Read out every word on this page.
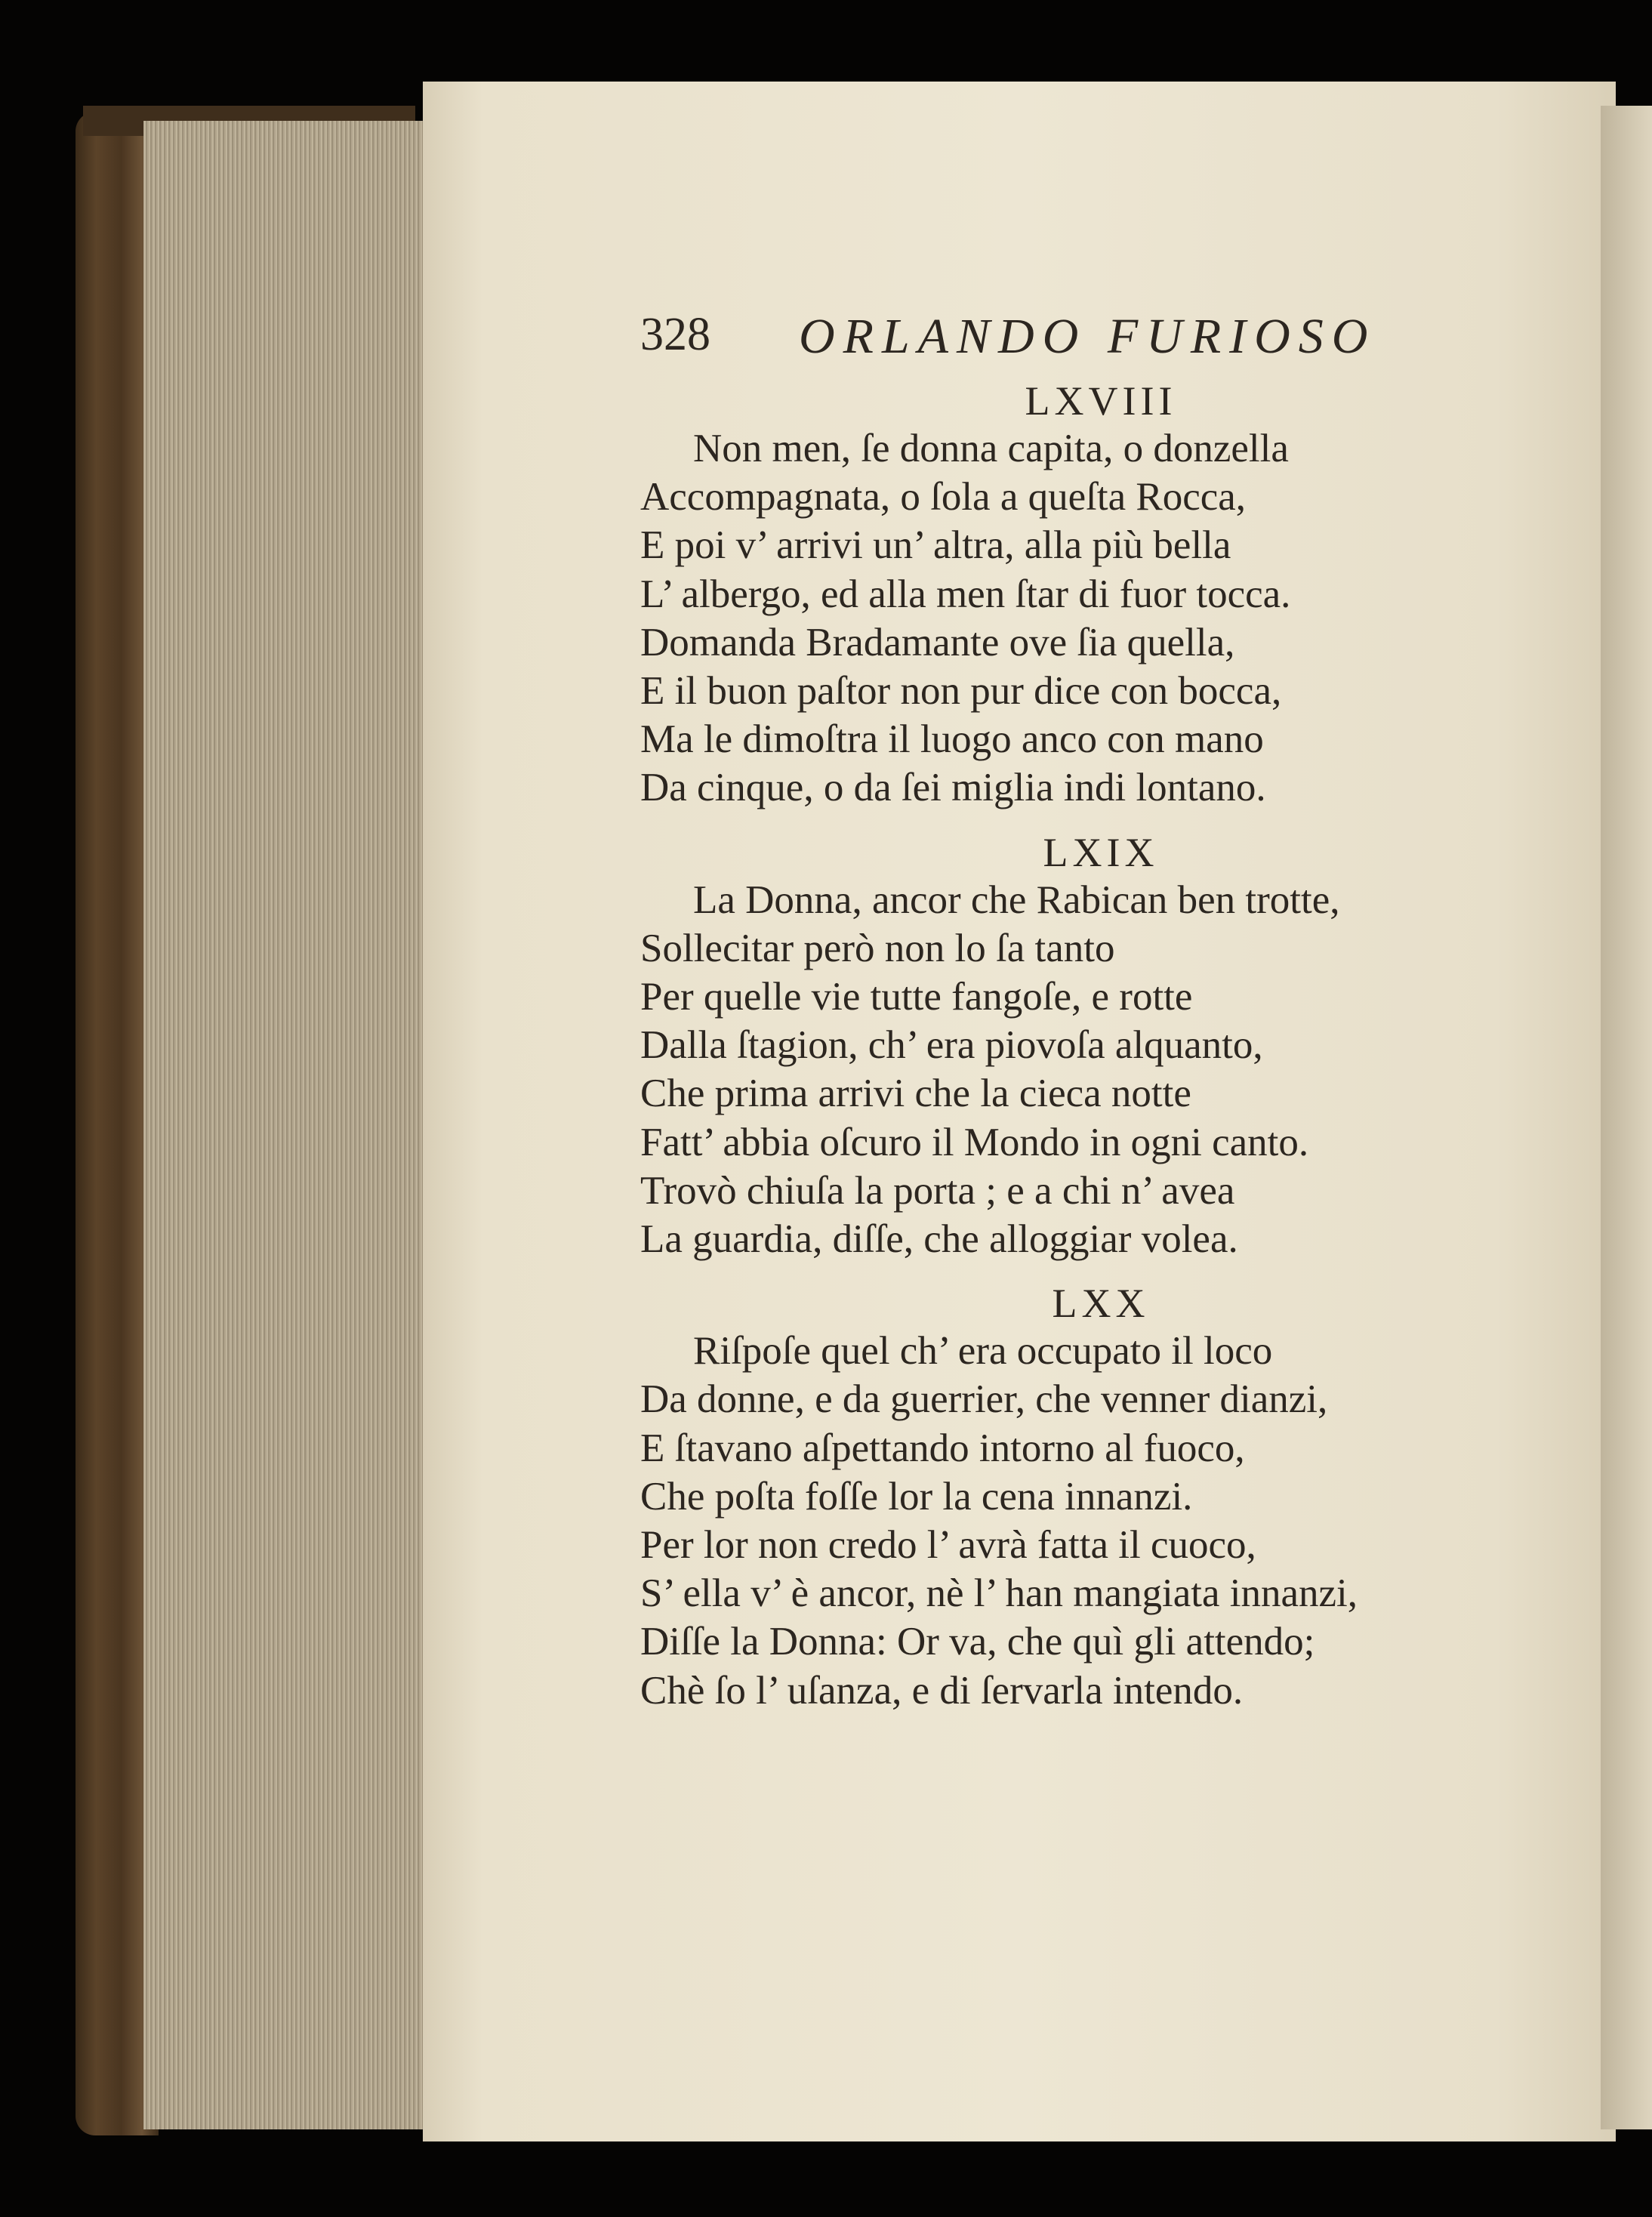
328 ORLANDO FURIOSO
LXVIII
Non men, ſe donna capita, o donzella
Accompagnata, o ſola a queſta Rocca,
E poi v’ arrivi un’ altra, alla più bella
L’ albergo, ed alla men ſtar di fuor tocca.
Domanda Bradamante ove ſia quella,
E il buon paſtor non pur dice con bocca,
Ma le dimoſtra il luogo anco con mano
Da cinque, o da ſei miglia indi lontano.
LXIX
La Donna, ancor che Rabican ben trotte,
Sollecitar però non lo ſa tanto
Per quelle vie tutte fangoſe, e rotte
Dalla ſtagion, ch’ era piovoſa alquanto,
Che prima arrivi che la cieca notte
Fatt’ abbia oſcuro il Mondo in ogni canto.
Trovò chiuſa la porta ; e a chi n’ avea
La guardia, diſſe, che alloggiar volea.
LXX
Riſpoſe quel ch’ era occupato il loco
Da donne, e da guerrier, che venner dianzi,
E ſtavano aſpettando intorno al fuoco,
Che poſta foſſe lor la cena innanzi.
Per lor non credo l’ avrà fatta il cuoco,
S’ ella v’ è ancor, nè l’ han mangiata innanzi,
Diſſe la Donna: Or va, che quì gli attendo;
Chè ſo l’ uſanza, e di ſervarla intendo.
